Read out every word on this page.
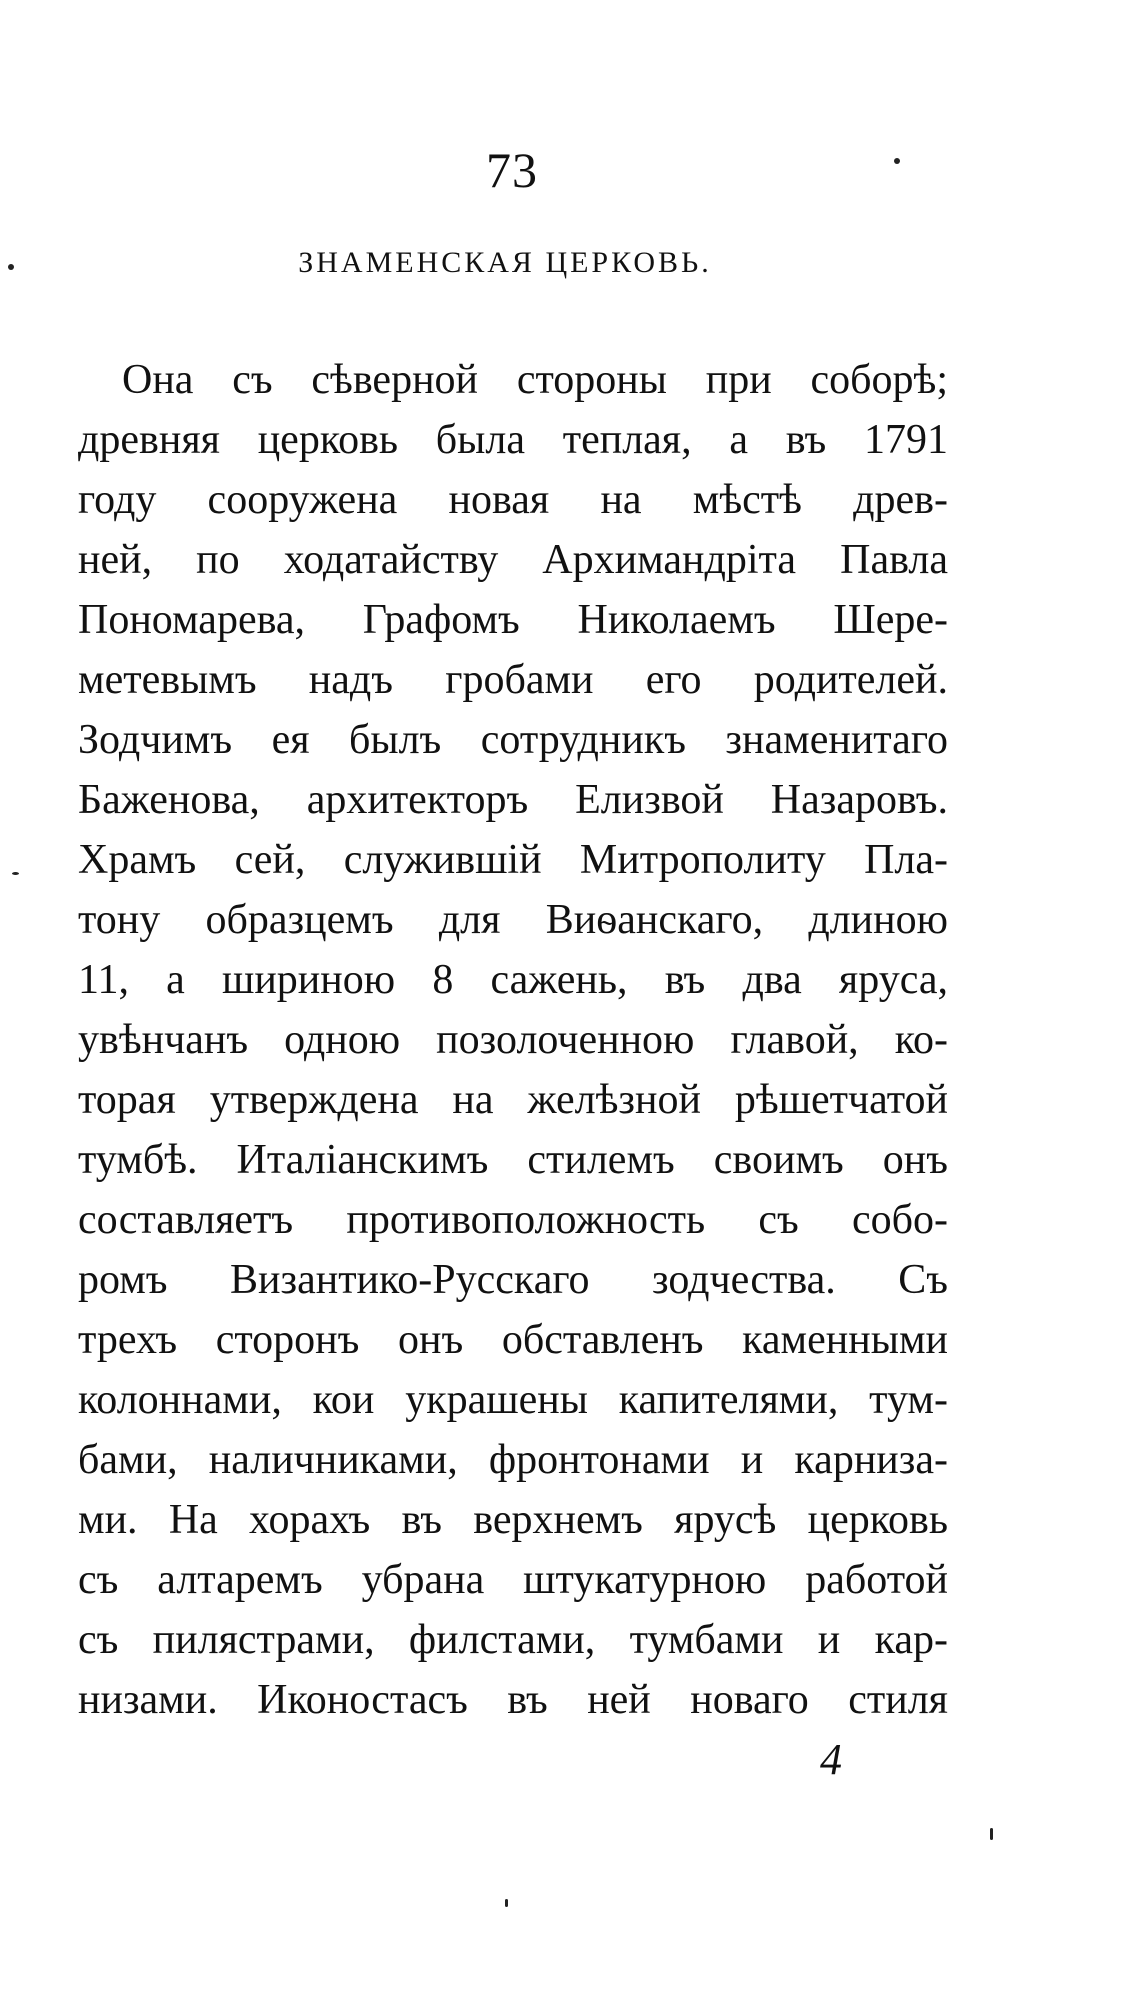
73
ЗНАМЕНСКАЯ ЦЕРКОВЬ.
Она съ сѣверной стороны при соборѣ;
древняя церковь была теплая, а въ 1791
году сооружена новая на мѣстѣ древ-
ней, по ходатайству Архимандріта Павла
Пономарева, Графомъ Николаемъ Шере-
метевымъ надъ гробами его родителей.
Зодчимъ ея былъ сотрудникъ знаменитаго
Баженова, архитекторъ Елизвой Назаровъ.
Храмъ сей, служившій Митрополиту Пла-
тону образцемъ для Виѳанскаго, длиною
11, а шириною 8 сажень, въ два яруса,
увѣнчанъ одною позолоченною главой, ко-
торая утверждена на желѣзной рѣшетчатой
тумбѣ. Италіанскимъ стилемъ своимъ онъ
составляетъ противоположность съ собо-
ромъ Византико-Русскаго зодчества. Съ
трехъ сторонъ онъ обставленъ каменными
колоннами, кои украшены капителями, тум-
бами, наличниками, фронтонами и карниза-
ми. На хорахъ въ верхнемъ ярусѣ церковь
съ алтаремъ убрана штукатурною работой
съ пилястрами, филстами, тумбами и кар-
низами. Иконостасъ въ ней новаго стиля
4
